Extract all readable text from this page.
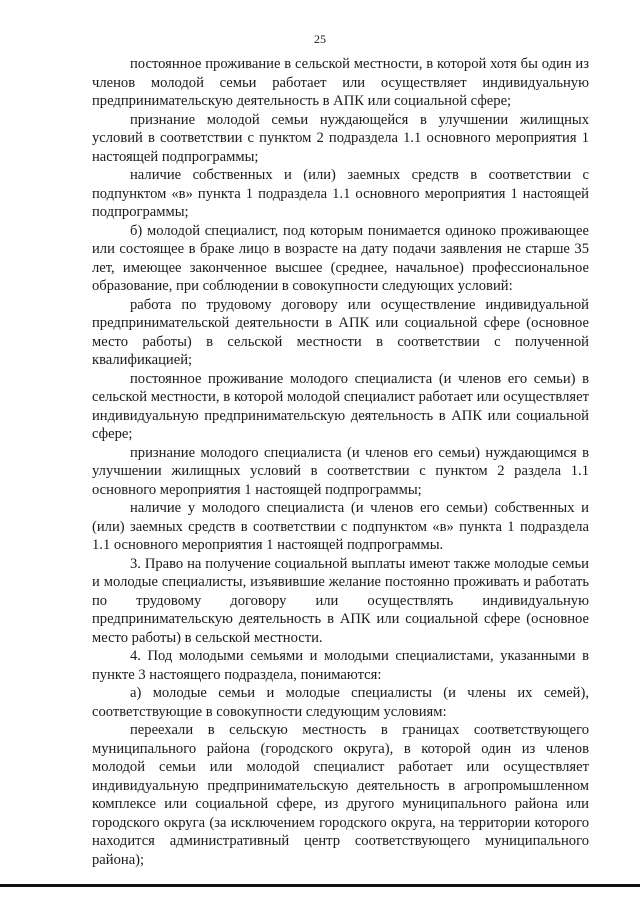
25

постоянное проживание в сельской местности, в которой хотя бы один из членов молодой семьи работает или осуществляет индивидуальную предпринимательскую деятельность в АПК или социальной сфере;

признание молодой семьи нуждающейся в улучшении жилищных условий в соответствии с пунктом 2 подраздела 1.1 основного мероприятия 1 настоящей подпрограммы;

наличие собственных и (или) заемных средств в соответствии с подпунктом «в» пункта 1 подраздела 1.1 основного мероприятия 1 настоящей подпрограммы;

б) молодой специалист, под которым понимается одиноко проживающее или состоящее в браке лицо в возрасте на дату подачи заявления не старше 35 лет, имеющее законченное высшее (среднее, начальное) профессиональное образование, при соблюдении в совокупности следующих условий:

работа по трудовому договору или осуществление индивидуальной предпринимательской деятельности в АПК или социальной сфере (основное место работы) в сельской местности в соответствии с полученной квалификацией;

постоянное проживание молодого специалиста (и членов его семьи) в сельской местности, в которой молодой специалист работает или осуществляет индивидуальную предпринимательскую деятельность в АПК или социальной сфере;

признание молодого специалиста (и членов его семьи) нуждающимся в улучшении жилищных условий в соответствии с пунктом 2 раздела 1.1 основного мероприятия 1 настоящей подпрограммы;

наличие у молодого специалиста (и членов его семьи) собственных и (или) заемных средств в соответствии с подпунктом «в» пункта 1 подраздела 1.1 основного мероприятия 1 настоящей подпрограммы.

3. Право на получение социальной выплаты имеют также молодые семьи и молодые специалисты, изъявившие желание постоянно проживать и работать по трудовому договору или осуществлять индивидуальную предпринимательскую деятельность в АПК или социальной сфере (основное место работы) в сельской местности.

4. Под молодыми семьями и молодыми специалистами, указанными в пункте 3 настоящего подраздела, понимаются:

а) молодые семьи и молодые специалисты (и члены их семей), соответствующие в совокупности следующим условиям:

переехали в сельскую местность в границах соответствующего муниципального района (городского округа), в которой один из членов молодой семьи или молодой специалист работает или осуществляет индивидуальную предпринимательскую деятельность в агропромышленном комплексе или социальной сфере, из другого муниципального района или городского округа (за исключением городского округа, на территории которого находится административный центр соответствующего муниципального района);
